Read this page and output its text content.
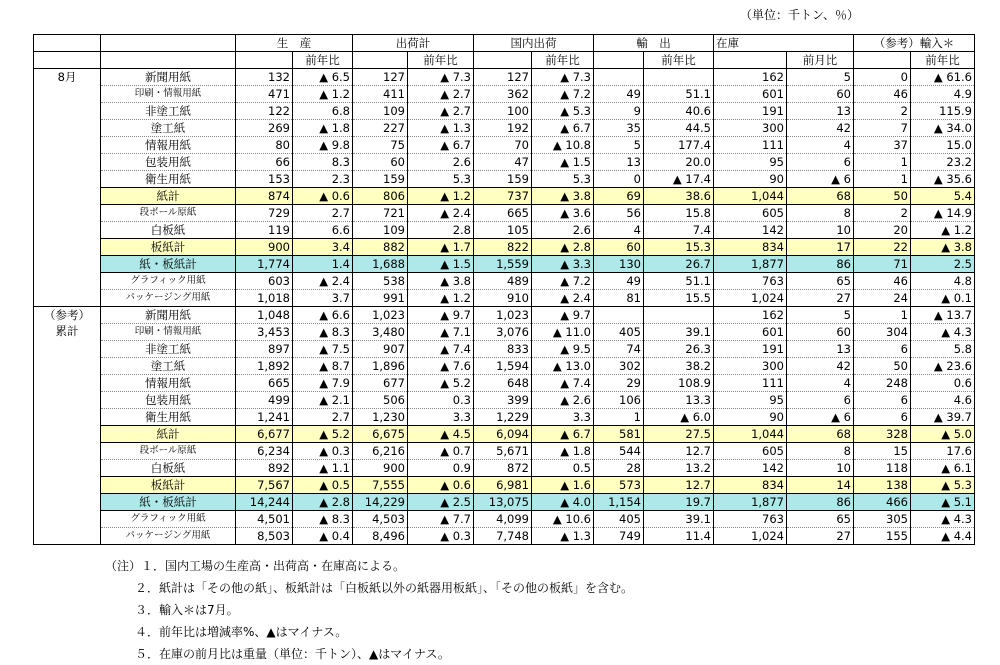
（単位：千トン、％）
		生　産		出荷計		国内出荷		輸　出		在庫		（参考）輸入＊	
			前年比		前年比		前年比		前年比		前月比		前年比

8月	新聞用紙	132	▲ 6.5	127	▲ 7.3	127	▲ 7.3			162	5	0	▲ 61.6
	印刷・情報用紙	471	▲ 1.2	411	▲ 2.7	362	▲ 7.2	49	51.1	601	60	46	4.9
	非塗工紙	122	6.8	109	▲ 2.7	100	▲ 5.3	9	40.6	191	13	2	115.9
	塗工紙	269	▲ 1.8	227	▲ 1.3	192	▲ 6.7	35	44.5	300	42	7	▲ 34.0
	情報用紙	80	▲ 9.8	75	▲ 6.7	70	▲ 10.8	5	177.4	111	4	37	15.0
	包装用紙	66	8.3	60	2.6	47	▲ 1.5	13	20.0	95	6	1	23.2
	衛生用紙	153	2.3	159	5.3	159	5.3	0	▲ 17.4	90	▲ 6	1	▲ 35.6
	紙計	874	▲ 0.6	806	▲ 1.2	737	▲ 3.8	69	38.6	1,044	68	50	5.4
	段ボール原紙	729	2.7	721	▲ 2.4	665	▲ 3.6	56	15.8	605	8	2	▲ 14.9
	白板紙	119	6.6	109	2.8	105	2.6	4	7.4	142	10	20	▲ 1.2
	板紙計	900	3.4	882	▲ 1.7	822	▲ 2.8	60	15.3	834	17	22	▲ 3.8
	紙・板紙計	1,774	1.4	1,688	▲ 1.5	1,559	▲ 3.3	130	26.7	1,877	86	71	2.5
	グラフィック用紙	603	▲ 2.4	538	▲ 3.8	489	▲ 7.2	49	51.1	763	65	46	4.8
	パッケージング用紙	1,018	3.7	991	▲ 1.2	910	▲ 2.4	81	15.5	1,024	27	24	▲ 0.1

（参考）
累計	新聞用紙	1,048	▲ 6.6	1,023	▲ 9.7	1,023	▲ 9.7			162	5	1	▲ 13.7
	印刷・情報用紙	3,453	▲ 8.3	3,480	▲ 7.1	3,076	▲ 11.0	405	39.1	601	60	304	▲ 4.3
	非塗工紙	897	▲ 7.5	907	▲ 7.4	833	▲ 9.5	74	26.3	191	13	6	5.8
	塗工紙	1,892	▲ 8.7	1,896	▲ 7.6	1,594	▲ 13.0	302	38.2	300	42	50	▲ 23.6
	情報用紙	665	▲ 7.9	677	▲ 5.2	648	▲ 7.4	29	108.9	111	4	248	0.6
	包装用紙	499	▲ 2.1	506	0.3	399	▲ 2.6	106	13.3	95	6	6	4.6
	衛生用紙	1,241	2.7	1,230	3.3	1,229	3.3	1	▲ 6.0	90	▲ 6	6	▲ 39.7
	紙計	6,677	▲ 5.2	6,675	▲ 4.5	6,094	▲ 6.7	581	27.5	1,044	68	328	▲ 5.0
	段ボール原紙	6,234	▲ 0.3	6,216	▲ 0.7	5,671	▲ 1.8	544	12.7	605	8	15	17.6
	白板紙	892	▲ 1.1	900	0.9	872	0.5	28	13.2	142	10	118	▲ 6.1
	板紙計	7,567	▲ 0.5	7,555	▲ 0.6	6,981	▲ 1.6	573	12.7	834	14	138	▲ 5.3
	紙・板紙計	14,244	▲ 2.8	14,229	▲ 2.5	13,075	▲ 4.0	1,154	19.7	1,877	86	466	▲ 5.1
	グラフィック用紙	4,501	▲ 8.3	4,503	▲ 7.7	4,099	▲ 10.6	405	39.1	763	65	305	▲ 4.3
	パッケージング用紙	8,503	▲ 0.4	8,496	▲ 0.3	7,748	▲ 1.3	749	11.4	1,024	27	155	▲ 4.4
（注）１．国内工場の生産高・出荷高・在庫高による。
２．紙計は「その他の紙」、板紙計は「白板紙以外の紙器用板紙」、「その他の板紙」を含む。
３．輸入＊は7月。
４．前年比は増減率%、▲はマイナス。
５．在庫の前月比は重量（単位：千トン）、▲はマイナス。
